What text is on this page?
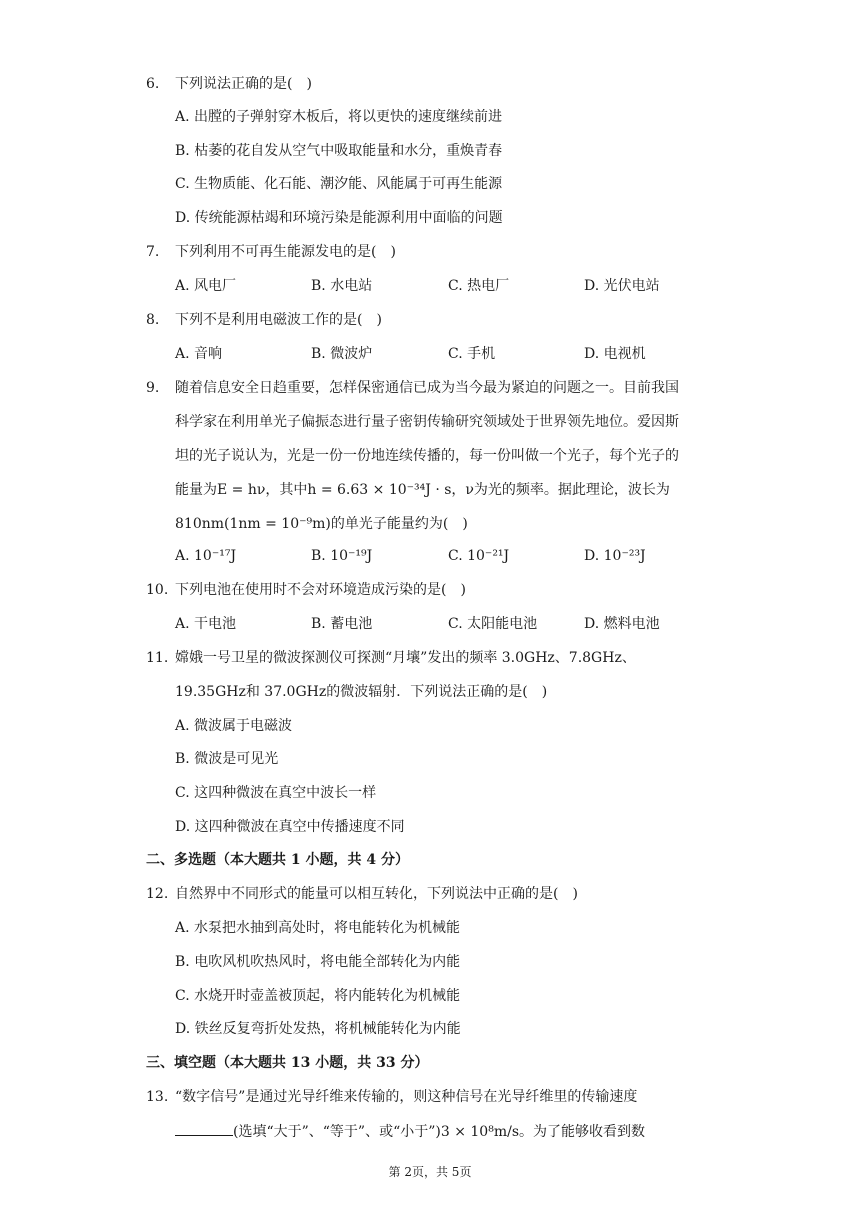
6. 下列说法正确的是(　)
A. 出膛的子弹射穿木板后，将以更快的速度继续前进
B. 枯萎的花自发从空气中吸取能量和水分，重焕青春
C. 生物质能、化石能、潮汐能、风能属于可再生能源
D. 传统能源枯竭和环境污染是能源利用中面临的问题
7. 下列利用不可再生能源发电的是(　)
A. 风电厂	B. 水电站	C. 热电厂	D. 光伏电站
8. 下列不是利用电磁波工作的是(　)
A. 音响	B. 微波炉	C. 手机	D. 电视机
9. 随着信息安全日趋重要，怎样保密通信已成为当今最为紧迫的问题之一。目前我国
科学家在利用单光子偏振态进行量子密钥传输研究领域处于世界领先地位。爱因斯
坦的光子说认为，光是一份一份地连续传播的，每一份叫做一个光子，每个光子的
能量为E = hν，其中h = 6.63 × 10⁻³⁴J · s，ν为光的频率。据此理论，波长为
810nm(1nm = 10⁻⁹m)的单光子能量约为(　)
A. 10⁻¹⁷J	B. 10⁻¹⁹J	C. 10⁻²¹J	D. 10⁻²³J
10. 下列电池在使用时不会对环境造成污染的是(　)
A. 干电池	B. 蓄电池	C. 太阳能电池	D. 燃料电池
11. 嫦娥一号卫星的微波探测仪可探测“月壤”发出的频率 3.0GHz、7.8GHz、
19.35GHz和 37.0GHz的微波辐射．下列说法正确的是(　)
A. 微波属于电磁波
B. 微波是可见光
C. 这四种微波在真空中波长一样
D. 这四种微波在真空中传播速度不同
二、多选题（本大题共 1 小题，共 4 分）
12. 自然界中不同形式的能量可以相互转化，下列说法中正确的是(　)
A. 水泵把水抽到高处时，将电能转化为机械能
B. 电吹风机吹热风时，将电能全部转化为内能
C. 水烧开时壶盖被顶起，将内能转化为机械能
D. 铁丝反复弯折处发热，将机械能转化为内能
三、填空题（本大题共 13 小题，共 33 分）
13. “数字信号”是通过光导纤维来传输的，则这种信号在光导纤维里的传输速度
(选填“大于”、“等于”、或“小于”)3 × 10⁸m/s。为了能够收看到数
第 2页，共 5页
